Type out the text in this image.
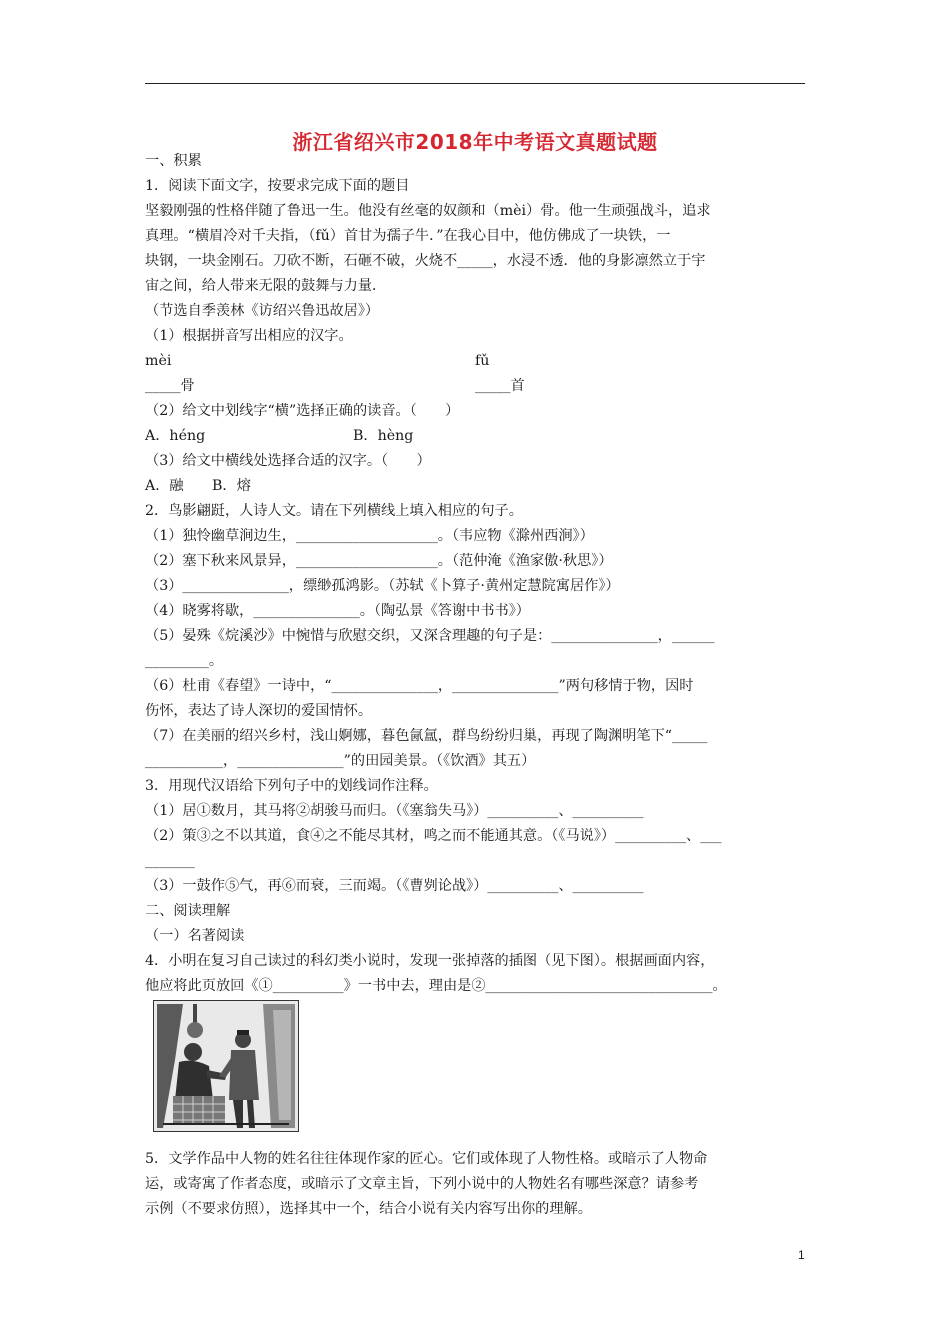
浙江省绍兴市2018年中考语文真题试题
一、积累
1．阅读下面文字，按要求完成下面的题目
坚毅刚强的性格伴随了鲁迅一生。他没有丝毫的奴颜和（mèi）骨。他一生顽强战斗，追求
真理。“横眉冷对千夫指，（fǔ）首甘为孺子牛．”在我心目中，他仿佛成了一块铁，一
块钢，一块金刚石。刀砍不断，石砸不破，火烧不_____，水浸不透．他的身影凛然立于宇
宙之间，给人带来无限的鼓舞与力量．
（节选自季羡林《访绍兴鲁迅故居》）
（1）根据拼音写出相应的汉字。
mèi	fǔ
_____骨	_____首
（2）给文中划线字“横”选择正确的读音。（　　）
A．héng	B．hèng
（3）给文中横线处选择合适的汉字。（　　）
A．融　　B．熔
2．鸟影翩跹，人诗人文。请在下列横线上填入相应的句子。
（1）独怜幽草涧边生，____________________。（韦应物《滁州西涧》）
（2）塞下秋来风景异，____________________。（范仲淹《渔家傲·秋思》）
（3）_______________，缥缈孤鸿影。（苏轼《卜算子·黄州定慧院寓居作》）
（4）晓雾将歇，_______________。（陶弘景《答谢中书书》）
（5）晏殊《烷溪沙》中惋惜与欣慰交织，又深含理趣的句子是：_______________，______
_________。
（6）杜甫《春望》一诗中，“_______________，_______________”两句移情于物，因时
伤怀，表达了诗人深切的爱国情怀。
（7）在美丽的绍兴乡村，浅山婀娜，暮色氤氲，群鸟纷纷归巢，再现了陶渊明笔下“_____
___________，_______________”的田园美景。（《饮酒》其五）
3．用现代汉语给下列句子中的划线词作注释。
（1）居①数月，其马将②胡骏马而归。（《塞翁失马》）__________、__________
（2）策③之不以其道，食④之不能尽其材，鸣之而不能通其意。（《马说》）__________、___
_______
（3）一鼓作⑤气，再⑥而衰，三而竭。（《曹刿论战》）__________、__________
二、阅读理解
（一）名著阅读
4．小明在复习自己读过的科幻类小说时，发现一张掉落的插图（见下图）。根据画面内容，
他应将此页放回《①__________》一书中去，理由是②________________________________。
5．文学作品中人物的姓名往往体现作家的匠心。它们或体现了人物性格。或暗示了人物命
运，或寄寓了作者态度，或暗示了文章主旨，下列小说中的人物姓名有哪些深意？请参考
示例（不要求仿照），选择其中一个，结合小说有关内容写出你的理解。
1
